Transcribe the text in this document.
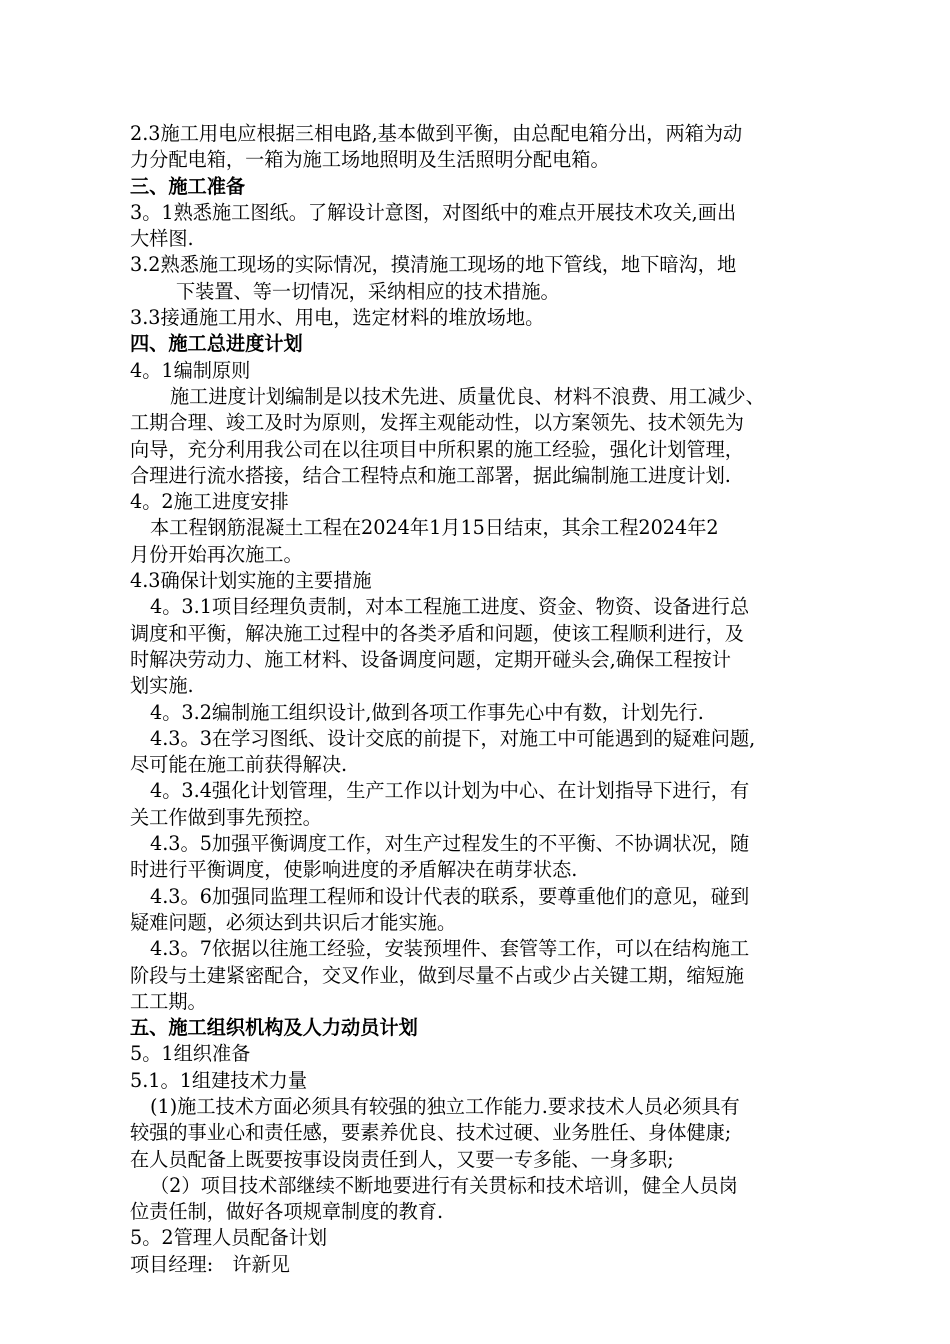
2.3施工用电应根据三相电路,基本做到平衡，由总配电箱分出，两箱为动
力分配电箱，一箱为施工场地照明及生活照明分配电箱。
三、施工准备
3。1熟悉施工图纸。了解设计意图，对图纸中的难点开展技术攻关,画出
大样图.
3.2熟悉施工现场的实际情况，摸清施工现场的地下管线，地下暗沟，地
下装置、等一切情况，采纳相应的技术措施。
3.3接通施工用水、用电，选定材料的堆放场地。
四、施工总进度计划
4。1编制原则
施工进度计划编制是以技术先进、质量优良、材料不浪费、用工减少、
工期合理、竣工及时为原则，发挥主观能动性，以方案领先、技术领先为
向导，充分利用我公司在以往项目中所积累的施工经验，强化计划管理，
合理进行流水搭接，结合工程特点和施工部署，据此编制施工进度计划.
4。2施工进度安排
本工程钢筋混凝土工程在2024年1月15日结束，其余工程2024年2
月份开始再次施工。
4.3确保计划实施的主要措施
4。3.1项目经理负责制，对本工程施工进度、资金、物资、设备进行总
调度和平衡，解决施工过程中的各类矛盾和问题，使该工程顺利进行，及
时解决劳动力、施工材料、设备调度问题，定期开碰头会,确保工程按计
划实施.
4。3.2编制施工组织设计,做到各项工作事先心中有数，计划先行.
4.3。3在学习图纸、设计交底的前提下，对施工中可能遇到的疑难问题,
尽可能在施工前获得解决.
4。3.4强化计划管理，生产工作以计划为中心、在计划指导下进行，有
关工作做到事先预控。
4.3。5加强平衡调度工作，对生产过程发生的不平衡、不协调状况，随
时进行平衡调度，使影响进度的矛盾解决在萌芽状态.
4.3。6加强同监理工程师和设计代表的联系，要尊重他们的意见，碰到
疑难问题，必须达到共识后才能实施。
4.3。7依据以往施工经验，安装预埋件、套管等工作，可以在结构施工
阶段与土建紧密配合，交叉作业，做到尽量不占或少占关键工期，缩短施
工工期。
五、施工组织机构及人力动员计划
5。1组织准备
5.1。1组建技术力量
(1)施工技术方面必须具有较强的独立工作能力.要求技术人员必须具有
较强的事业心和责任感，要素养优良、技术过硬、业务胜任、身体健康;
在人员配备上既要按事设岗责任到人，又要一专多能、一身多职;
（2）项目技术部继续不断地要进行有关贯标和技术培训，健全人员岗
位责任制，做好各项规章制度的教育.
5。2管理人员配备计划
项目经理:　许新见
